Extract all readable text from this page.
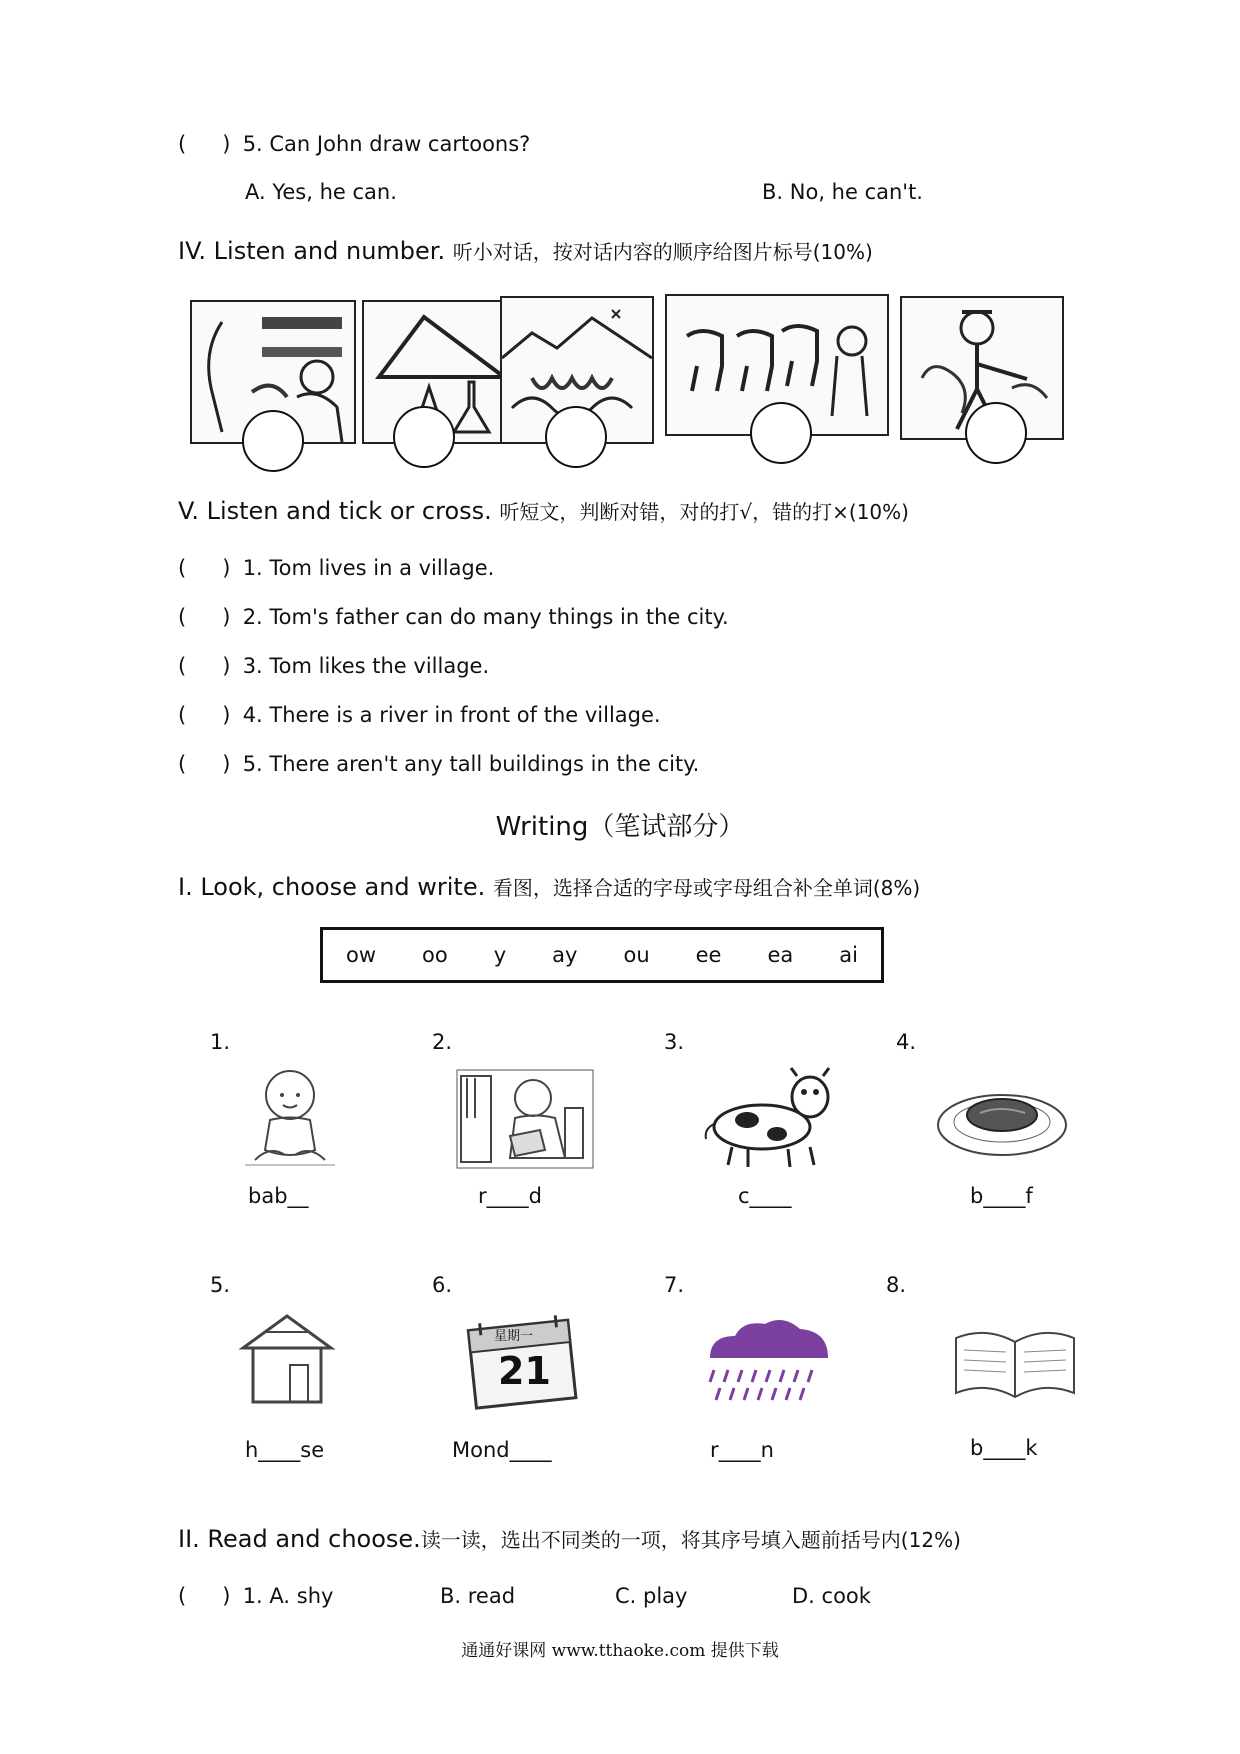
( ) 5. Can John draw cartoons?
A. Yes, he can.	B. No, he can't.
IV. Listen and number. 听小对话，按对话内容的顺序给图片标号(10%)
V. Listen and tick or cross. 听短文，判断对错，对的打√，错的打×(10%)
( ) 1. Tom lives in a village.
( ) 2. Tom's father can do many things in the city.
( ) 3. Tom likes the village.
( ) 4. There is a river in front of the village.
( ) 5. There aren't any tall buildings in the city.
Writing（笔试部分）
I. Look, choose and write. 看图，选择合适的字母或字母组合补全单词(8%)
ow oo y ay ou ee ea ai
1.	2.	3.	4.
bab__	r____d	c____	b____f
5.	6.	7.	8.
星期一
21
h____se	Mond____	r____n	b____k
II. Read and choose.读一读，选出不同类的一项，将其序号填入题前括号内(12%)
( ) 1. A. shy	B. read	C. play	D. cook
通通好课网 www.tthaoke.com 提供下载
